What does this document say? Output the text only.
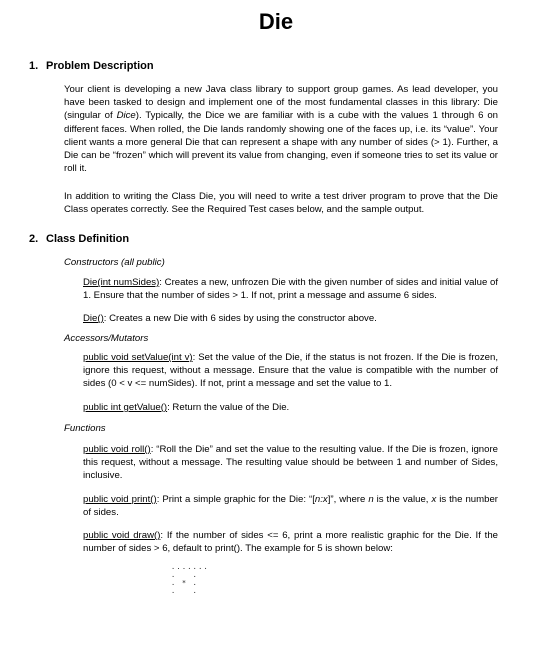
Die
1. Problem Description
Your client is developing a new Java class library to support group games. As lead developer, you have been tasked to design and implement one of the most fundamental classes in this library: Die (singular of Dice). Typically, the Dice we are familiar with is a cube with the values 1 through 6 on different faces. When rolled, the Die lands randomly showing one of the faces up, i.e. its “value”. Your client wants a more general Die that can represent a shape with any number of sides (> 1). Further, a Die can be “frozen” which will prevent its value from changing, even if someone tries to set its value or roll it.
In addition to writing the Class Die, you will need to write a test driver program to prove that the Die Class operates correctly. See the Required Test cases below, and the sample output.
2. Class Definition
Constructors (all public)
Die(int numSides): Creates a new, unfrozen Die with the given number of sides and initial value of 1. Ensure that the number of sides > 1. If not, print a message and assume 6 sides.
Die(): Creates a new Die with 6 sides by using the constructor above.
Accessors/Mutators
public void setValue(int v): Set the value of the Die, if the status is not frozen. If the Die is frozen, ignore this request, without a message. Ensure that the value is compatible with the number of sides (0 < v <= numSides). If not, print a message and set the value to 1.
public int getValue(): Return the value of the Die.
Functions
public void roll(): “Roll the Die” and set the value to the resulting value. If the Die is frozen, ignore this request, without a message. The resulting value should be between 1 and number of Sides, inclusive.
public void print(): Print a simple graphic for the Die: “[n:x]”, where n is the value, x is the number of sides.
public void draw(): If the number of sides <= 6, print a more realistic graphic for the Die. If the number of sides > 6, default to print(). The example for 5 is shown below:
.......
.   .
. * .
.   .
